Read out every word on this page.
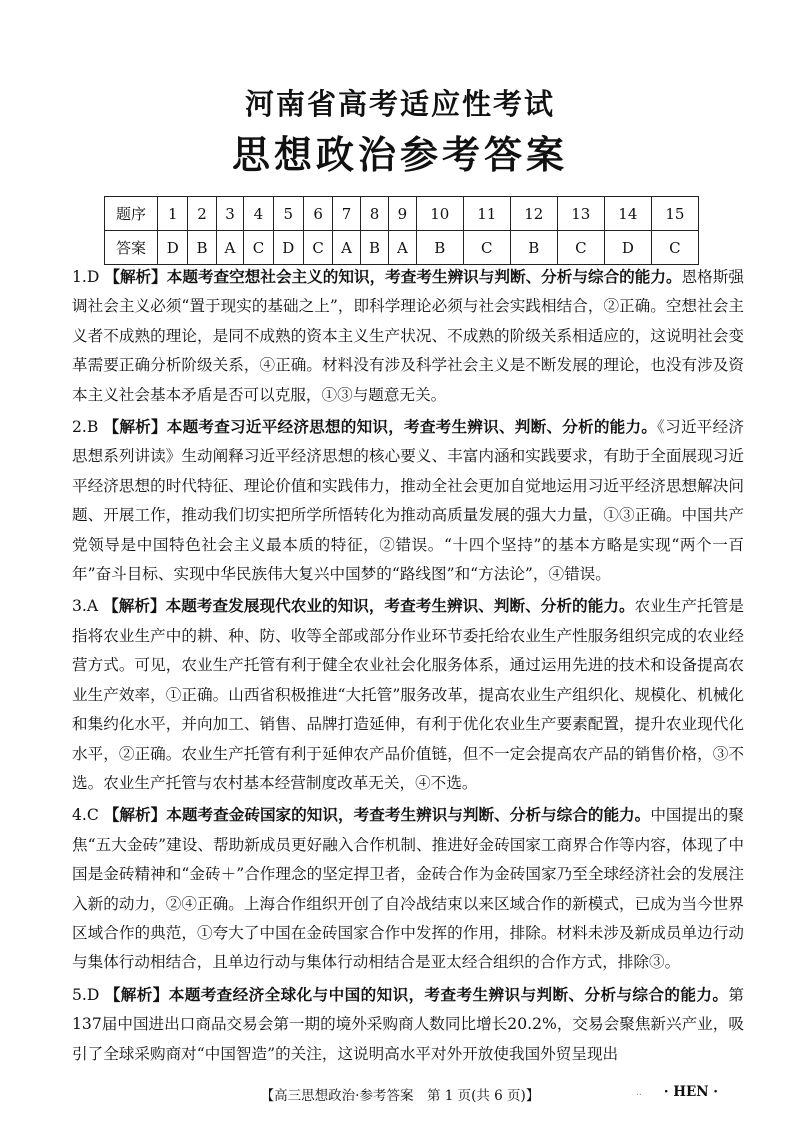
河南省高考适应性考试
思想政治参考答案
题序	1	2	3	4	5	6	7	8	9	10	11	12	13	14	15
答案	D	B	A	C	D	C	A	B	A	B	C	B	C	D	C

1.D 【解析】本题考查空想社会主义的知识，考查考生辨识与判断、分析与综合的能力。恩格斯强调社会主义必须“置于现实的基础之上”，即科学理论必须与社会实践相结合，②正确。空想社会主义者不成熟的理论，是同不成熟的资本主义生产状况、不成熟的阶级关系相适应的，这说明社会变革需要正确分析阶级关系，④正确。材料没有涉及科学社会主义是不断发展的理论，也没有涉及资本主义社会基本矛盾是否可以克服，①③与题意无关。

2.B 【解析】本题考查习近平经济思想的知识，考查考生辨识、判断、分析的能力。《习近平经济思想系列讲读》生动阐释习近平经济思想的核心要义、丰富内涵和实践要求，有助于全面展现习近平经济思想的时代特征、理论价值和实践伟力，推动全社会更加自觉地运用习近平经济思想解决问题、开展工作，推动我们切实把所学所悟转化为推动高质量发展的强大力量，①③正确。中国共产党领导是中国特色社会主义最本质的特征，②错误。“十四个坚持”的基本方略是实现“两个一百年”奋斗目标、实现中华民族伟大复兴中国梦的“路线图”和“方法论”，④错误。

3.A 【解析】本题考查发展现代农业的知识，考查考生辨识、判断、分析的能力。农业生产托管是指将农业生产中的耕、种、防、收等全部或部分作业环节委托给农业生产性服务组织完成的农业经营方式。可见，农业生产托管有利于健全农业社会化服务体系，通过运用先进的技术和设备提高农业生产效率，①正确。山西省积极推进“大托管”服务改革，提高农业生产组织化、规模化、机械化和集约化水平，并向加工、销售、品牌打造延伸，有利于优化农业生产要素配置，提升农业现代化水平，②正确。农业生产托管有利于延伸农产品价值链，但不一定会提高农产品的销售价格，③不选。农业生产托管与农村基本经营制度改革无关，④不选。

4.C 【解析】本题考查金砖国家的知识，考查考生辨识与判断、分析与综合的能力。中国提出的聚焦“五大金砖”建设、帮助新成员更好融入合作机制、推进好金砖国家工商界合作等内容，体现了中国是金砖精神和“金砖＋”合作理念的坚定捍卫者，金砖合作为金砖国家乃至全球经济社会的发展注入新的动力，②④正确。上海合作组织开创了自冷战结束以来区域合作的新模式，已成为当今世界区域合作的典范，①夸大了中国在金砖国家合作中发挥的作用，排除。材料未涉及新成员单边行动与集体行动相结合，且单边行动与集体行动相结合是亚太经合组织的合作方式，排除③。

5.D 【解析】本题考查经济全球化与中国的知识，考查考生辨识与判断、分析与综合的能力。第137届中国进出口商品交易会第一期的境外采购商人数同比增长20.2%，交易会聚焦新兴产业，吸引了全球采购商对“中国智造”的关注，这说明高水平对外开放使我国外贸呈现出

【高三思想政治·参考答案　第 1 页(共 6 页)】	.. · HEN ·
